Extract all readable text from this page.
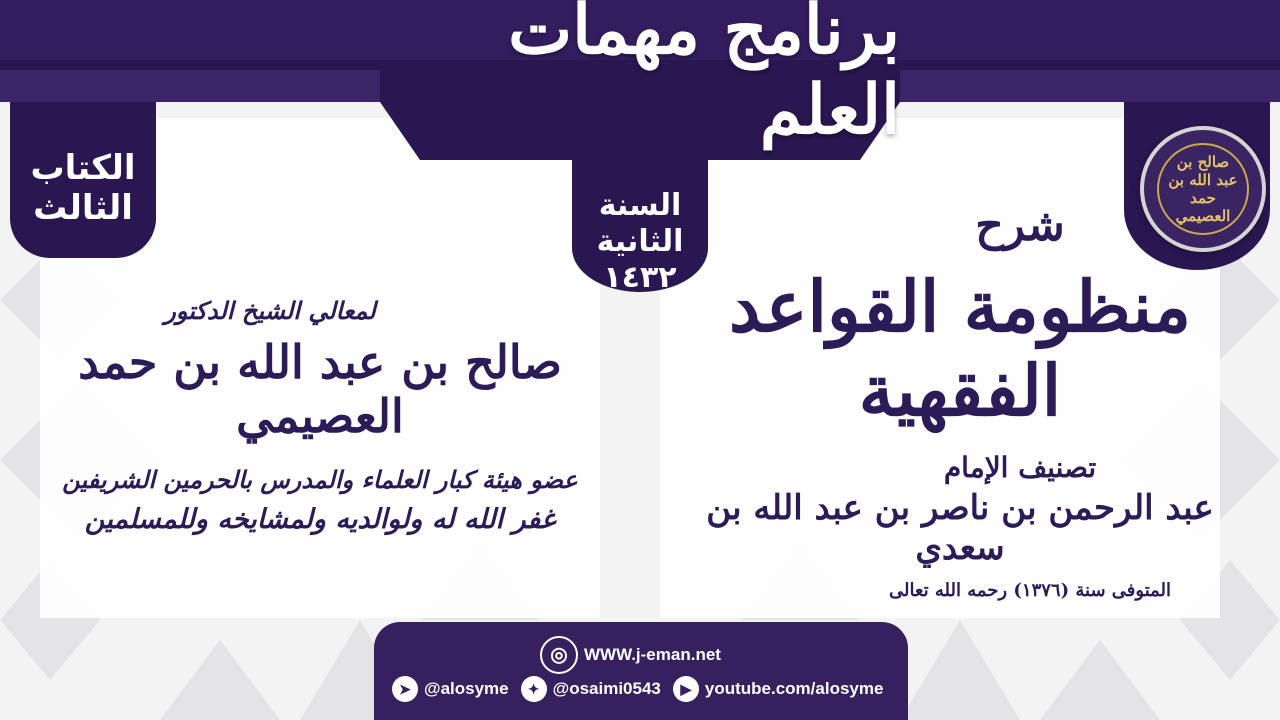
برنامج مهمات العلم
السنة
الثانية
١٤٣٢
الكتاب
الثالث
صالح بن عبد الله بن حمد العصيمي
شرح
منظومة القواعد الفقهية
تصنيف الإمام
عبد الرحمن بن ناصر بن عبد الله بن سعدي
المتوفى سنة (١٣٧٦) رحمه الله تعالى
لمعالي الشيخ الدكتور
صالح بن عبد الله بن حمد العصيمي
عضو هيئة كبار العلماء والمدرس بالحرمين الشريفين
غفر الله له ولوالديه ولمشايخه وللمسلمين
◎ WWW.j-eman.net
➤ @alosyme	✦ @osaimi0543	▶ youtube.com/alosyme
